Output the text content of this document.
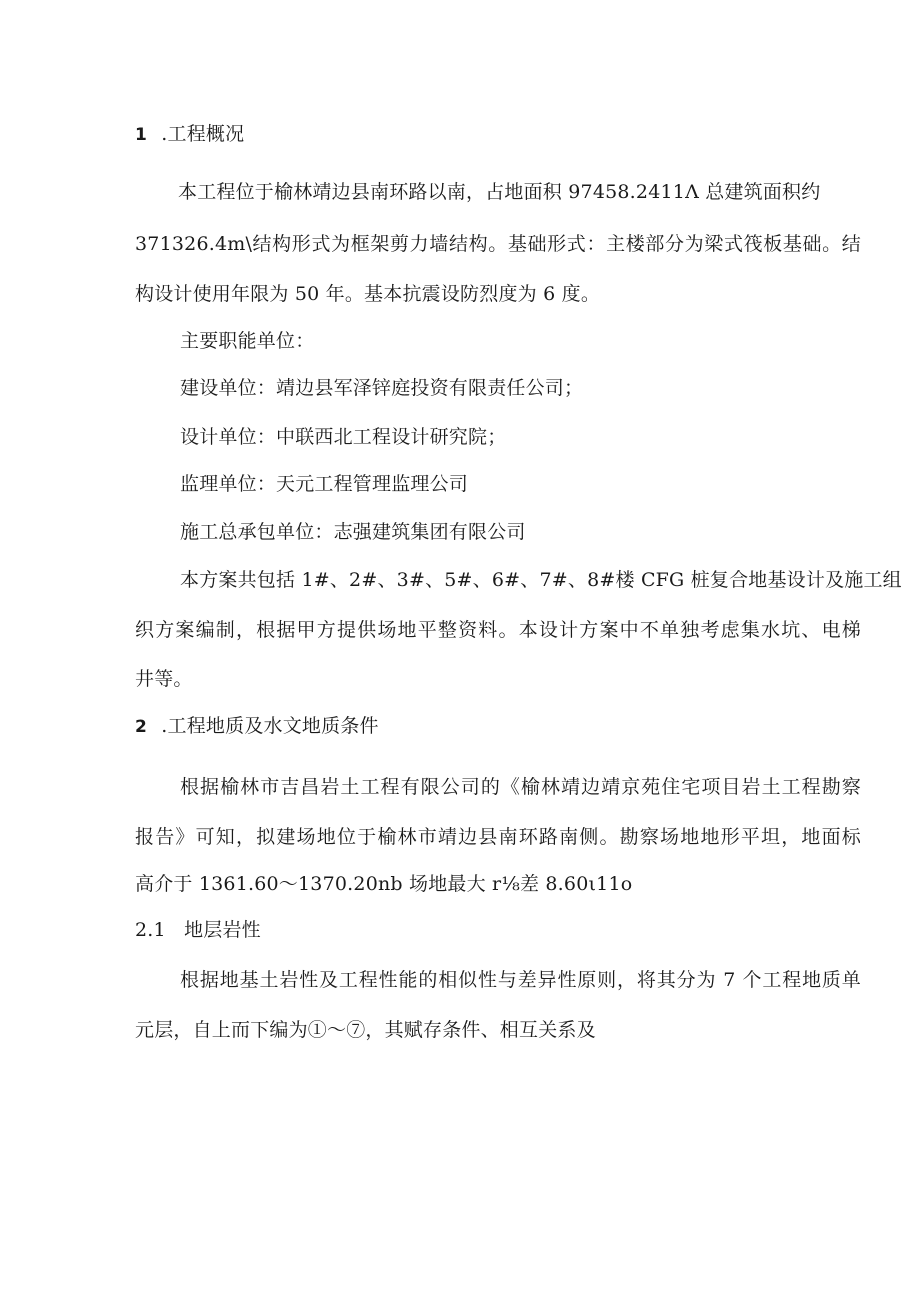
1 .工程概况
本工程位于榆林靖边县南环路以南，占地面积 97458.2411Λ 总建筑面积约
371326.4m\结构形式为框架剪力墙结构。基础形式：主楼部分为梁式筏板基础。结
构设计使用年限为 50 年。基本抗震设防烈度为 6 度。
主要职能单位：
建设单位：靖边县军泽锌庭投资有限责任公司；
设计单位：中联西北工程设计研究院；
监理单位：天元工程管理监理公司
施工总承包单位：志强建筑集团有限公司
本方案共包括 1#、2#、3#、5#、6#、7#、8#楼 CFG 桩复合地基设计及施工组
织方案编制，根据甲方提供场地平整资料。本设计方案中不单独考虑集水坑、电梯
井等。
2 .工程地质及水文地质条件
根据榆林市吉昌岩土工程有限公司的《榆林靖边靖京苑住宅项目岩土工程勘察
报告》可知，拟建场地位于榆林市靖边县南环路南侧。勘察场地地形平坦，地面标
高介于 1361.60～1370.20nb 场地最大 r⅛差 8.60ι11o
2.1 地层岩性
根据地基土岩性及工程性能的相似性与差异性原则，将其分为 7 个工程地质单
元层，自上而下编为①～⑦，其赋存条件、相互关系及
